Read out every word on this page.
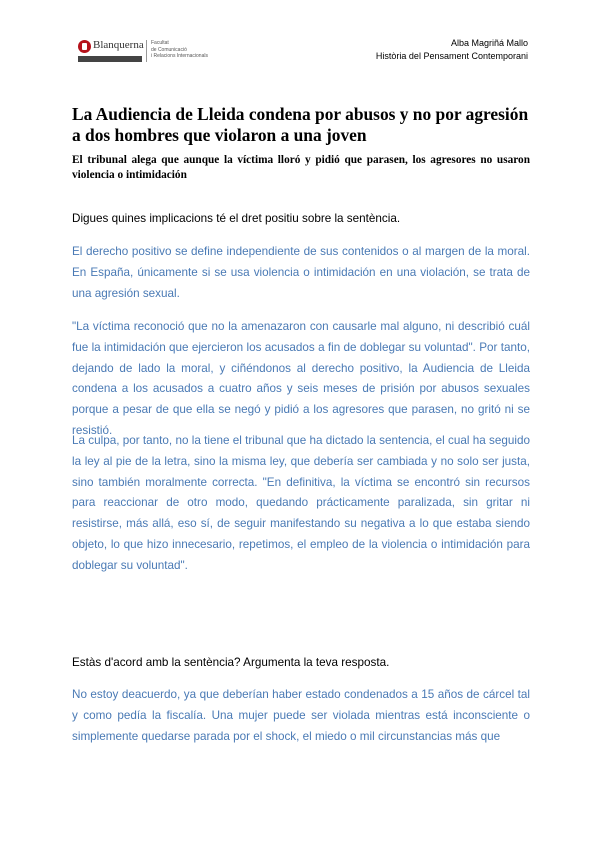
Blanquerna Facultat
de Comunicació
i Relacions Internacionals
Alba Magriñá Mallo
Història del Pensament Contemporani
La Audiencia de Lleida condena por abusos y no por agresión a dos hombres que violaron a una joven

El tribunal alega que aunque la víctima lloró y pidió que parasen, los agresores no usaron violencia o intimidación

Digues quines implicacions té el dret positiu sobre la sentència.

El derecho positivo se define independiente de sus contenidos o al margen de la moral. En España, únicamente si se usa violencia o intimidación en una violación, se trata de una agresión sexual.

"La víctima reconoció que no la amenazaron con causarle mal alguno, ni describió cuál fue la intimidación que ejercieron los acusados a fin de doblegar su voluntad". Por tanto, dejando de lado la moral, y ciñéndonos al derecho positivo, la Audiencia de Lleida condena a los acusados a cuatro años y seis meses de prisión por abusos sexuales porque a pesar de que ella se negó y pidió a los agresores que parasen, no gritó ni se resistió.

La culpa, por tanto, no la tiene el tribunal que ha dictado la sentencia, el cual ha seguido la ley al pie de la letra, sino la misma ley, que debería ser cambiada y no solo ser justa, sino también moralmente correcta. "En definitiva, la víctima se encontró sin recursos para reaccionar de otro modo, quedando prácticamente paralizada, sin gritar ni resistirse, más allá, eso sí, de seguir manifestando su negativa a lo que estaba siendo objeto, lo que hizo innecesario, repetimos, el empleo de la violencia o intimidación para doblegar su voluntad".

Estàs d'acord amb la sentència? Argumenta la teva resposta.

No estoy deacuerdo, ya que deberían haber estado condenados a 15 años de cárcel tal y como pedía la fiscalía. Una mujer puede ser violada mientras está inconsciente o simplemente quedarse parada por el shock, el miedo o mil circunstancias más que
